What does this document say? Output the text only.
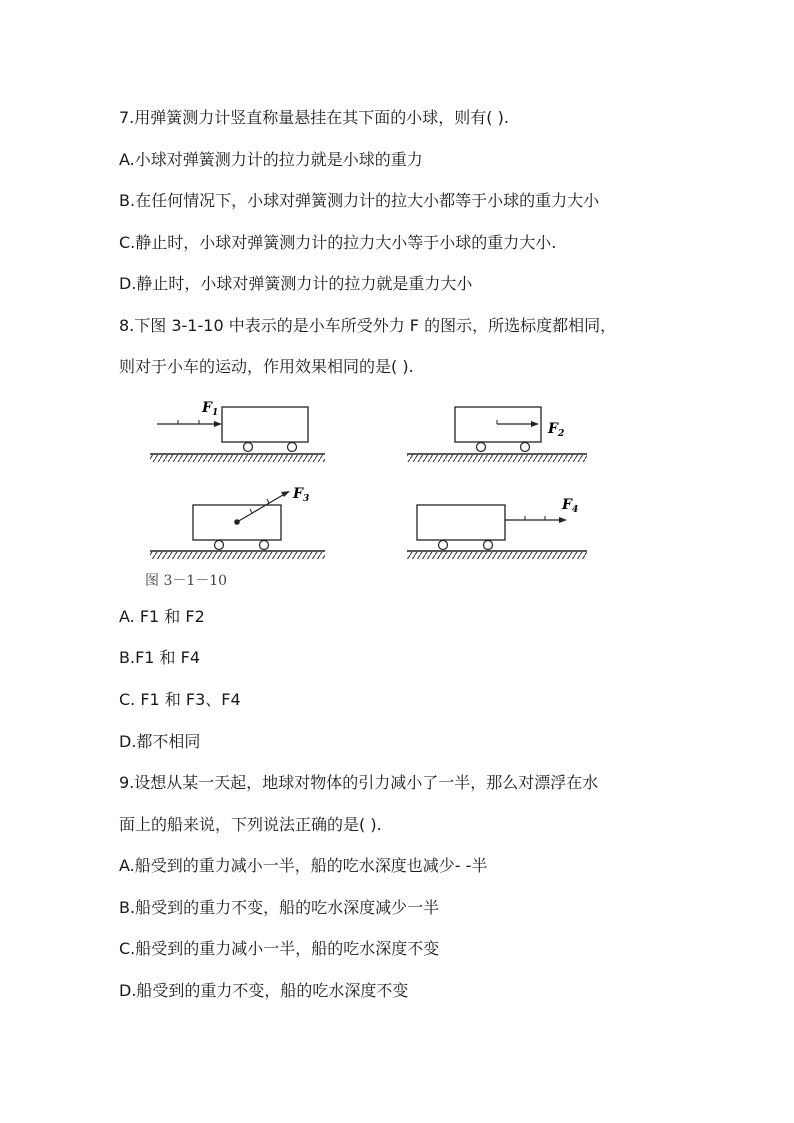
7.用弹簧测力计竖直称量悬挂在其下面的小球，则有( ).
A.小球对弹簧测力计的拉力就是小球的重力
B.在任何情况下，小球对弹簧测力计的拉大小都等于小球的重力大小
C.静止时，小球对弹簧测力计的拉力大小等于小球的重力大小.
D.静止时，小球对弹簧测力计的拉力就是重力大小
8.下图 3-1-10 中表示的是小车所受外力 F 的图示，所选标度都相同，
则对于小车的运动，作用效果相同的是( ).
F 1
F 2
F 3	F 4
图 3－1－10
A. F1 和 F2
B.F1 和 F4
C. F1 和 F3、F4
D.都不相同
9.设想从某一天起，地球对物体的引力减小了一半，那么对漂浮在水
面上的船来说，下列说法正确的是( ).
A.船受到的重力减小一半，船的吃水深度也减少- -半
B.船受到的重力不变，船的吃水深度减少一半
C.船受到的重力减小一半，船的吃水深度不变
D.船受到的重力不变，船的吃水深度不变
